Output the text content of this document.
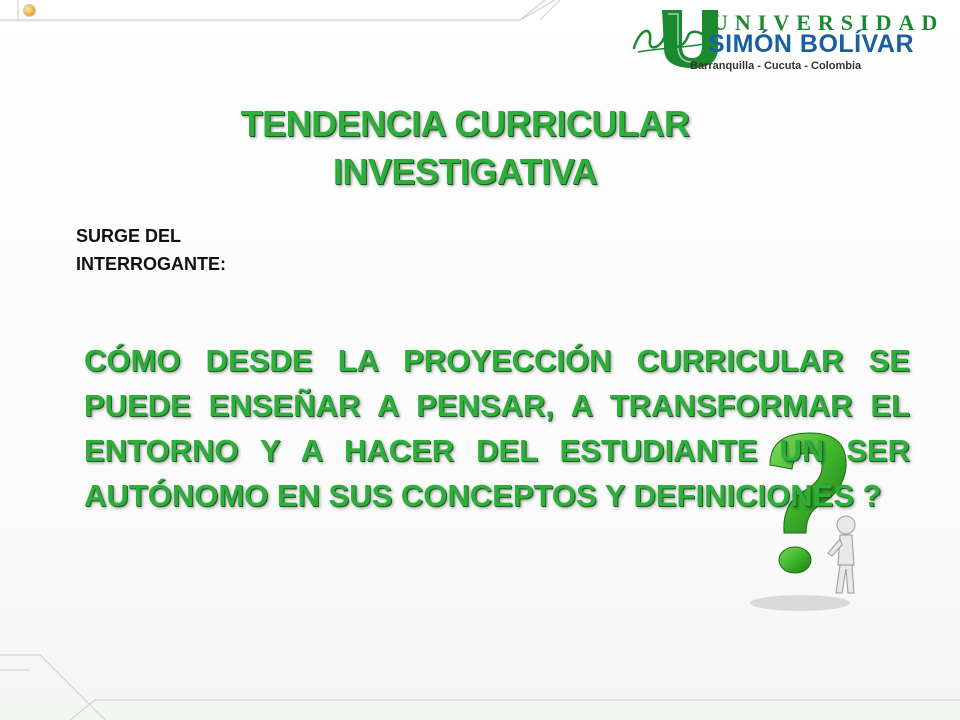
UNIVERSIDAD
SIMÓN BOLÍVAR
Barranquilla - Cucuta - Colombia
TENDENCIA CURRICULAR
INVESTIGATIVA
SURGE DEL
INTERROGANTE:
CÓMO DESDE LA PROYECCIÓN CURRICULAR SE PUEDE ENSEÑAR A PENSAR, A TRANSFORMAR EL ENTORNO Y A HACER DEL ESTUDIANTE UN SER AUTÓNOMO EN SUS CONCEPTOS Y DEFINICIONES ?
